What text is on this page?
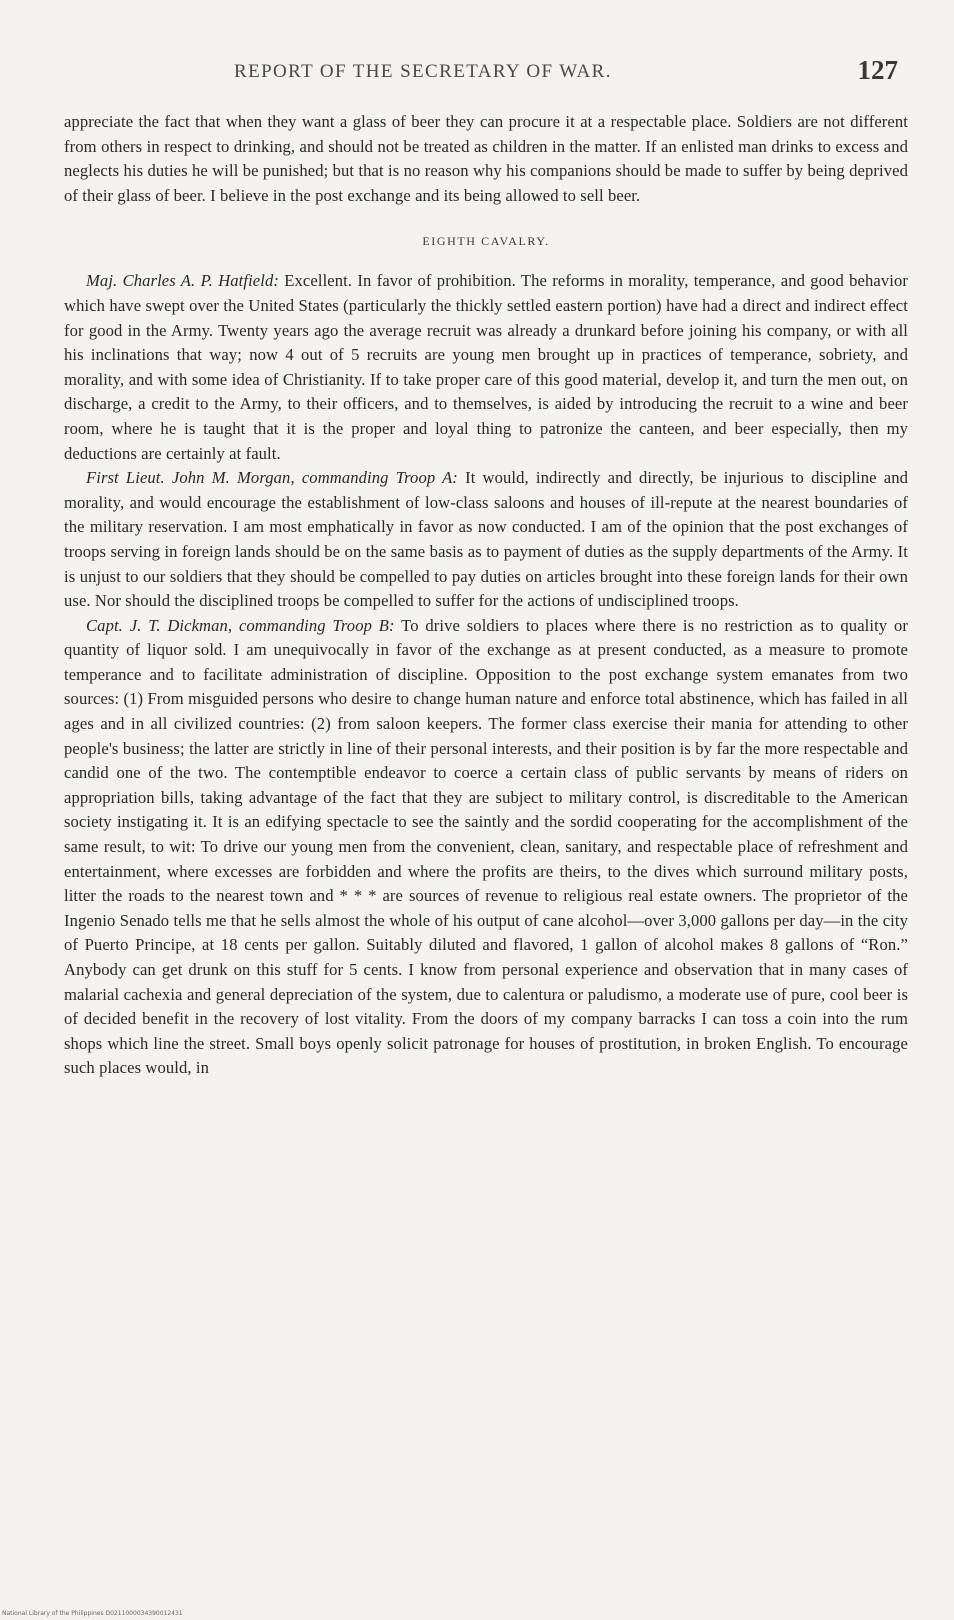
REPORT OF THE SECRETARY OF WAR.	127

appreciate the fact that when they want a glass of beer they can procure it at a respectable place. Soldiers are not different from others in respect to drinking, and should not be treated as children in the matter. If an enlisted man drinks to excess and neglects his duties he will be punished; but that is no reason why his companions should be made to suffer by being deprived of their glass of beer. I believe in the post exchange and its being allowed to sell beer.

EIGHTH CAVALRY.

Maj. Charles A. P. Hatfield: Excellent. In favor of prohibition. The reforms in morality, temperance, and good behavior which have swept over the United States (particularly the thickly settled eastern portion) have had a direct and indirect effect for good in the Army. Twenty years ago the average recruit was already a drunkard before joining his company, or with all his inclinations that way; now 4 out of 5 recruits are young men brought up in practices of temperance, sobriety, and morality, and with some idea of Christianity. If to take proper care of this good material, develop it, and turn the men out, on discharge, a credit to the Army, to their officers, and to themselves, is aided by introducing the recruit to a wine and beer room, where he is taught that it is the proper and loyal thing to patronize the canteen, and beer especially, then my deductions are certainly at fault.

First Lieut. John M. Morgan, commanding Troop A: It would, indirectly and directly, be injurious to discipline and morality, and would encourage the establishment of low-class saloons and houses of ill-repute at the nearest boundaries of the military reservation. I am most emphatically in favor as now conducted. I am of the opinion that the post exchanges of troops serving in foreign lands should be on the same basis as to payment of duties as the supply departments of the Army. It is unjust to our soldiers that they should be compelled to pay duties on articles brought into these foreign lands for their own use. Nor should the disciplined troops be compelled to suffer for the actions of undisciplined troops.

Capt. J. T. Dickman, commanding Troop B: To drive soldiers to places where there is no restriction as to quality or quantity of liquor sold. I am unequivocally in favor of the exchange as at present conducted, as a measure to promote temperance and to facilitate administration of discipline. Opposition to the post exchange system emanates from two sources: (1) From misguided persons who desire to change human nature and enforce total abstinence, which has failed in all ages and in all civilized countries: (2) from saloon keepers. The former class exercise their mania for attending to other people's business; the latter are strictly in line of their personal interests, and their position is by far the more respectable and candid one of the two. The contemptible endeavor to coerce a certain class of public servants by means of riders on appropriation bills, taking advantage of the fact that they are subject to military control, is discreditable to the American society instigating it. It is an edifying spectacle to see the saintly and the sordid cooperating for the accomplishment of the same result, to wit: To drive our young men from the convenient, clean, sanitary, and respectable place of refreshment and entertainment, where excesses are forbidden and where the profits are theirs, to the dives which surround military posts, litter the roads to the nearest town and * * * are sources of revenue to religious real estate owners. The proprietor of the Ingenio Senado tells me that he sells almost the whole of his output of cane alcohol—over 3,000 gallons per day—in the city of Puerto Principe, at 18 cents per gallon. Suitably diluted and flavored, 1 gallon of alcohol makes 8 gallons of “Ron.” Anybody can get drunk on this stuff for 5 cents. I know from personal experience and observation that in many cases of malarial cachexia and general depreciation of the system, due to calentura or paludismo, a moderate use of pure, cool beer is of decided benefit in the recovery of lost vitality. From the doors of my company barracks I can toss a coin into the rum shops which line the street. Small boys openly solicit patronage for houses of prostitution, in broken English. To encourage such places would, in

National Library of the Philippines D0211000034390012431
